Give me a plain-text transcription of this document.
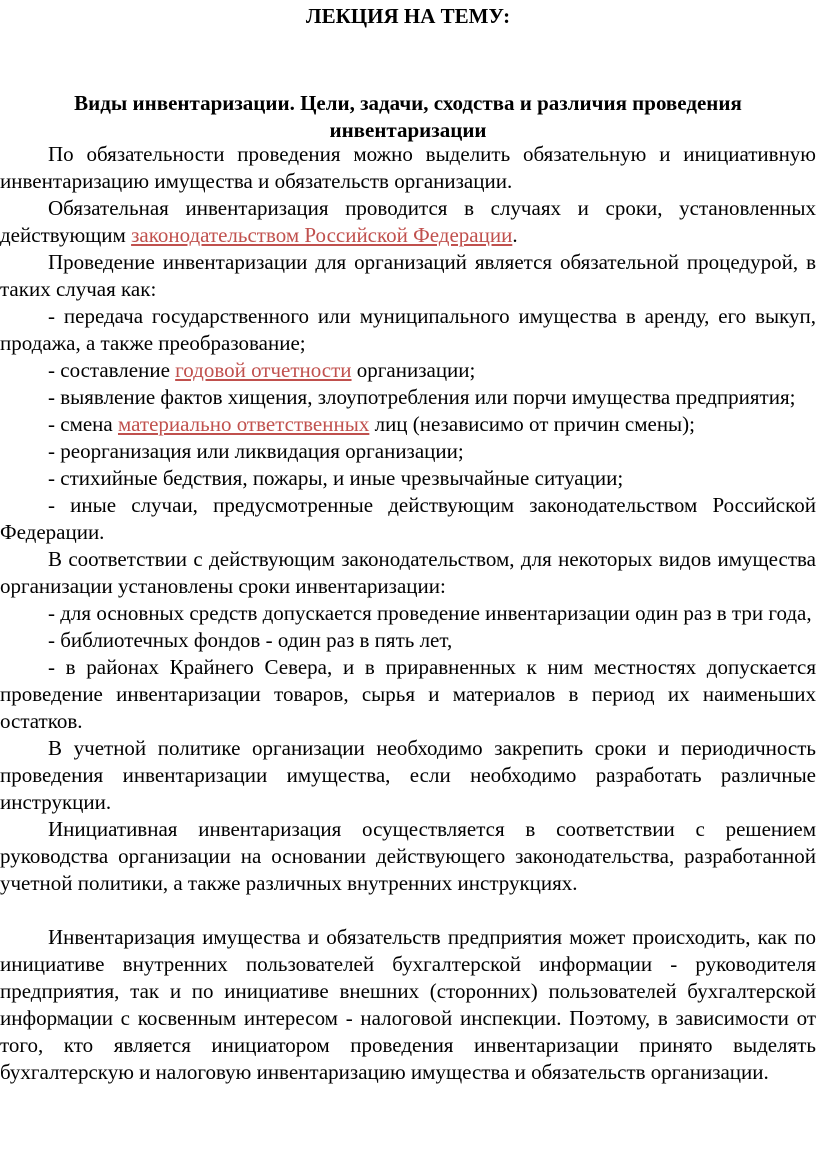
ЛЕКЦИЯ НА ТЕМУ:
Виды инвентаризации. Цели, задачи, сходства и различия проведения
инвентаризации

По обязательности проведения можно выделить обязательную и инициативную инвентаризацию имущества и обязательств организации.

Обязательная инвентаризация проводится в случаях и сроки, установленных действующим законодательством Российской Федерации.

Проведение инвентаризации для организаций является обязательной процедурой, в таких случая как:

- передача государственного или муниципального имущества в аренду, его выкуп, продажа, а также преобразование;

- составление годовой отчетности организации;

- выявление фактов хищения, злоупотребления или порчи имущества предприятия;

- смена материально ответственных лиц (независимо от причин смены);

- реорганизация или ликвидация организации;

- стихийные бедствия, пожары, и иные чрезвычайные ситуации;

- иные случаи, предусмотренные действующим законодательством Российской Федерации.

В соответствии с действующим законодательством, для некоторых видов имущества организации установлены сроки инвентаризации:

- для основных средств допускается проведение инвентаризации один раз в три года,

- библиотечных фондов - один раз в пять лет,

- в районах Крайнего Севера, и в приравненных к ним местностях допускается проведение инвентаризации товаров, сырья и материалов в период их наименьших остатков.

В учетной политике организации необходимо закрепить сроки и периодичность проведения инвентаризации имущества, если необходимо разработать различные инструкции.

Инициативная инвентаризация осуществляется в соответствии с решением руководства организации на основании действующего законодательства, разработанной учетной политики, а также различных внутренних инструкциях.

Инвентаризация имущества и обязательств предприятия может происходить, как по инициативе внутренних пользователей бухгалтерской информации - руководителя предприятия, так и по инициативе внешних (сторонних) пользователей бухгалтерской информации с косвенным интересом - налоговой инспекции. Поэтому, в зависимости от того, кто является инициатором проведения инвентаризации принято выделять бухгалтерскую и налоговую инвентаризацию имущества и обязательств организации.
